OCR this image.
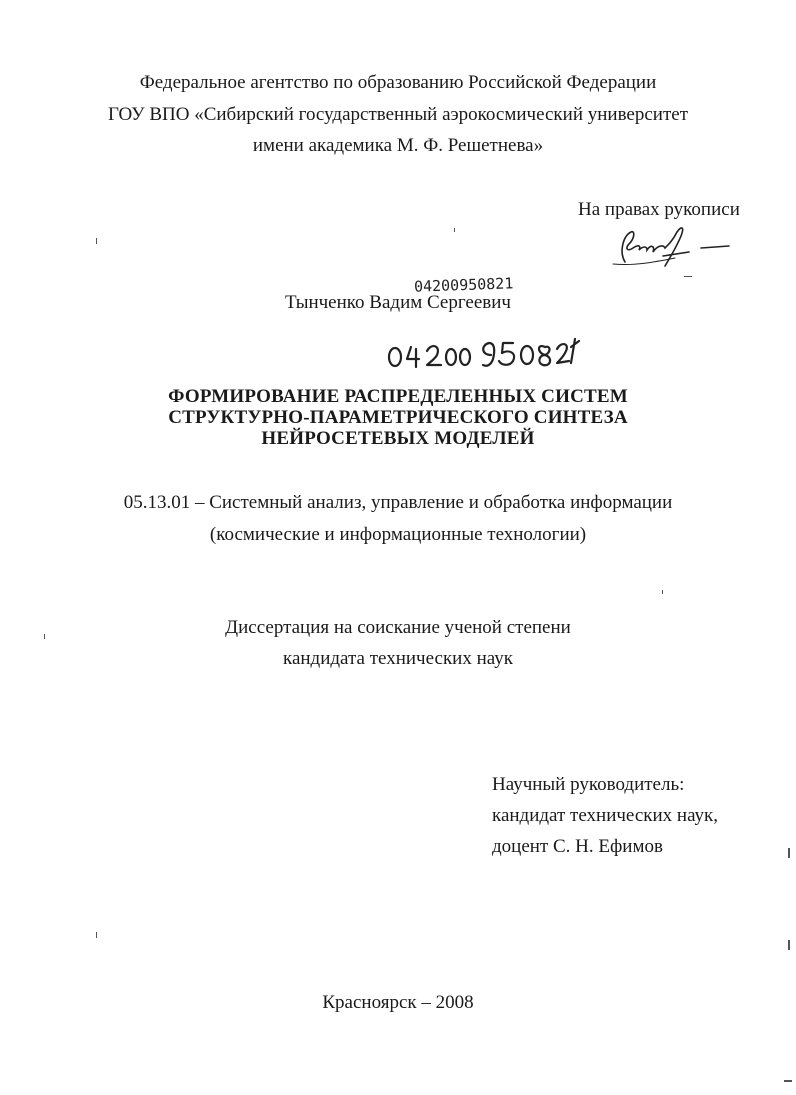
Федеральное агентство по образованию Российской Федерации
ГОУ ВПО «Сибирский государственный аэрокосмический университет
имени академика М. Ф. Решетнева»
На правах рукописи
Тынченко Вадим Сергеевич
04200950821
ФОРМИРОВАНИЕ РАСПРЕДЕЛЕННЫХ СИСТЕМ
СТРУКТУРНО-ПАРАМЕТРИЧЕСКОГО СИНТЕЗА
НЕЙРОСЕТЕВЫХ МОДЕЛЕЙ
05.13.01 – Системный анализ, управление и обработка информации
(космические и информационные технологии)
Диссертация на соискание ученой степени
кандидата технических наук
Научный руководитель:
кандидат технических наук,
доцент С. Н. Ефимов
Красноярск – 2008
